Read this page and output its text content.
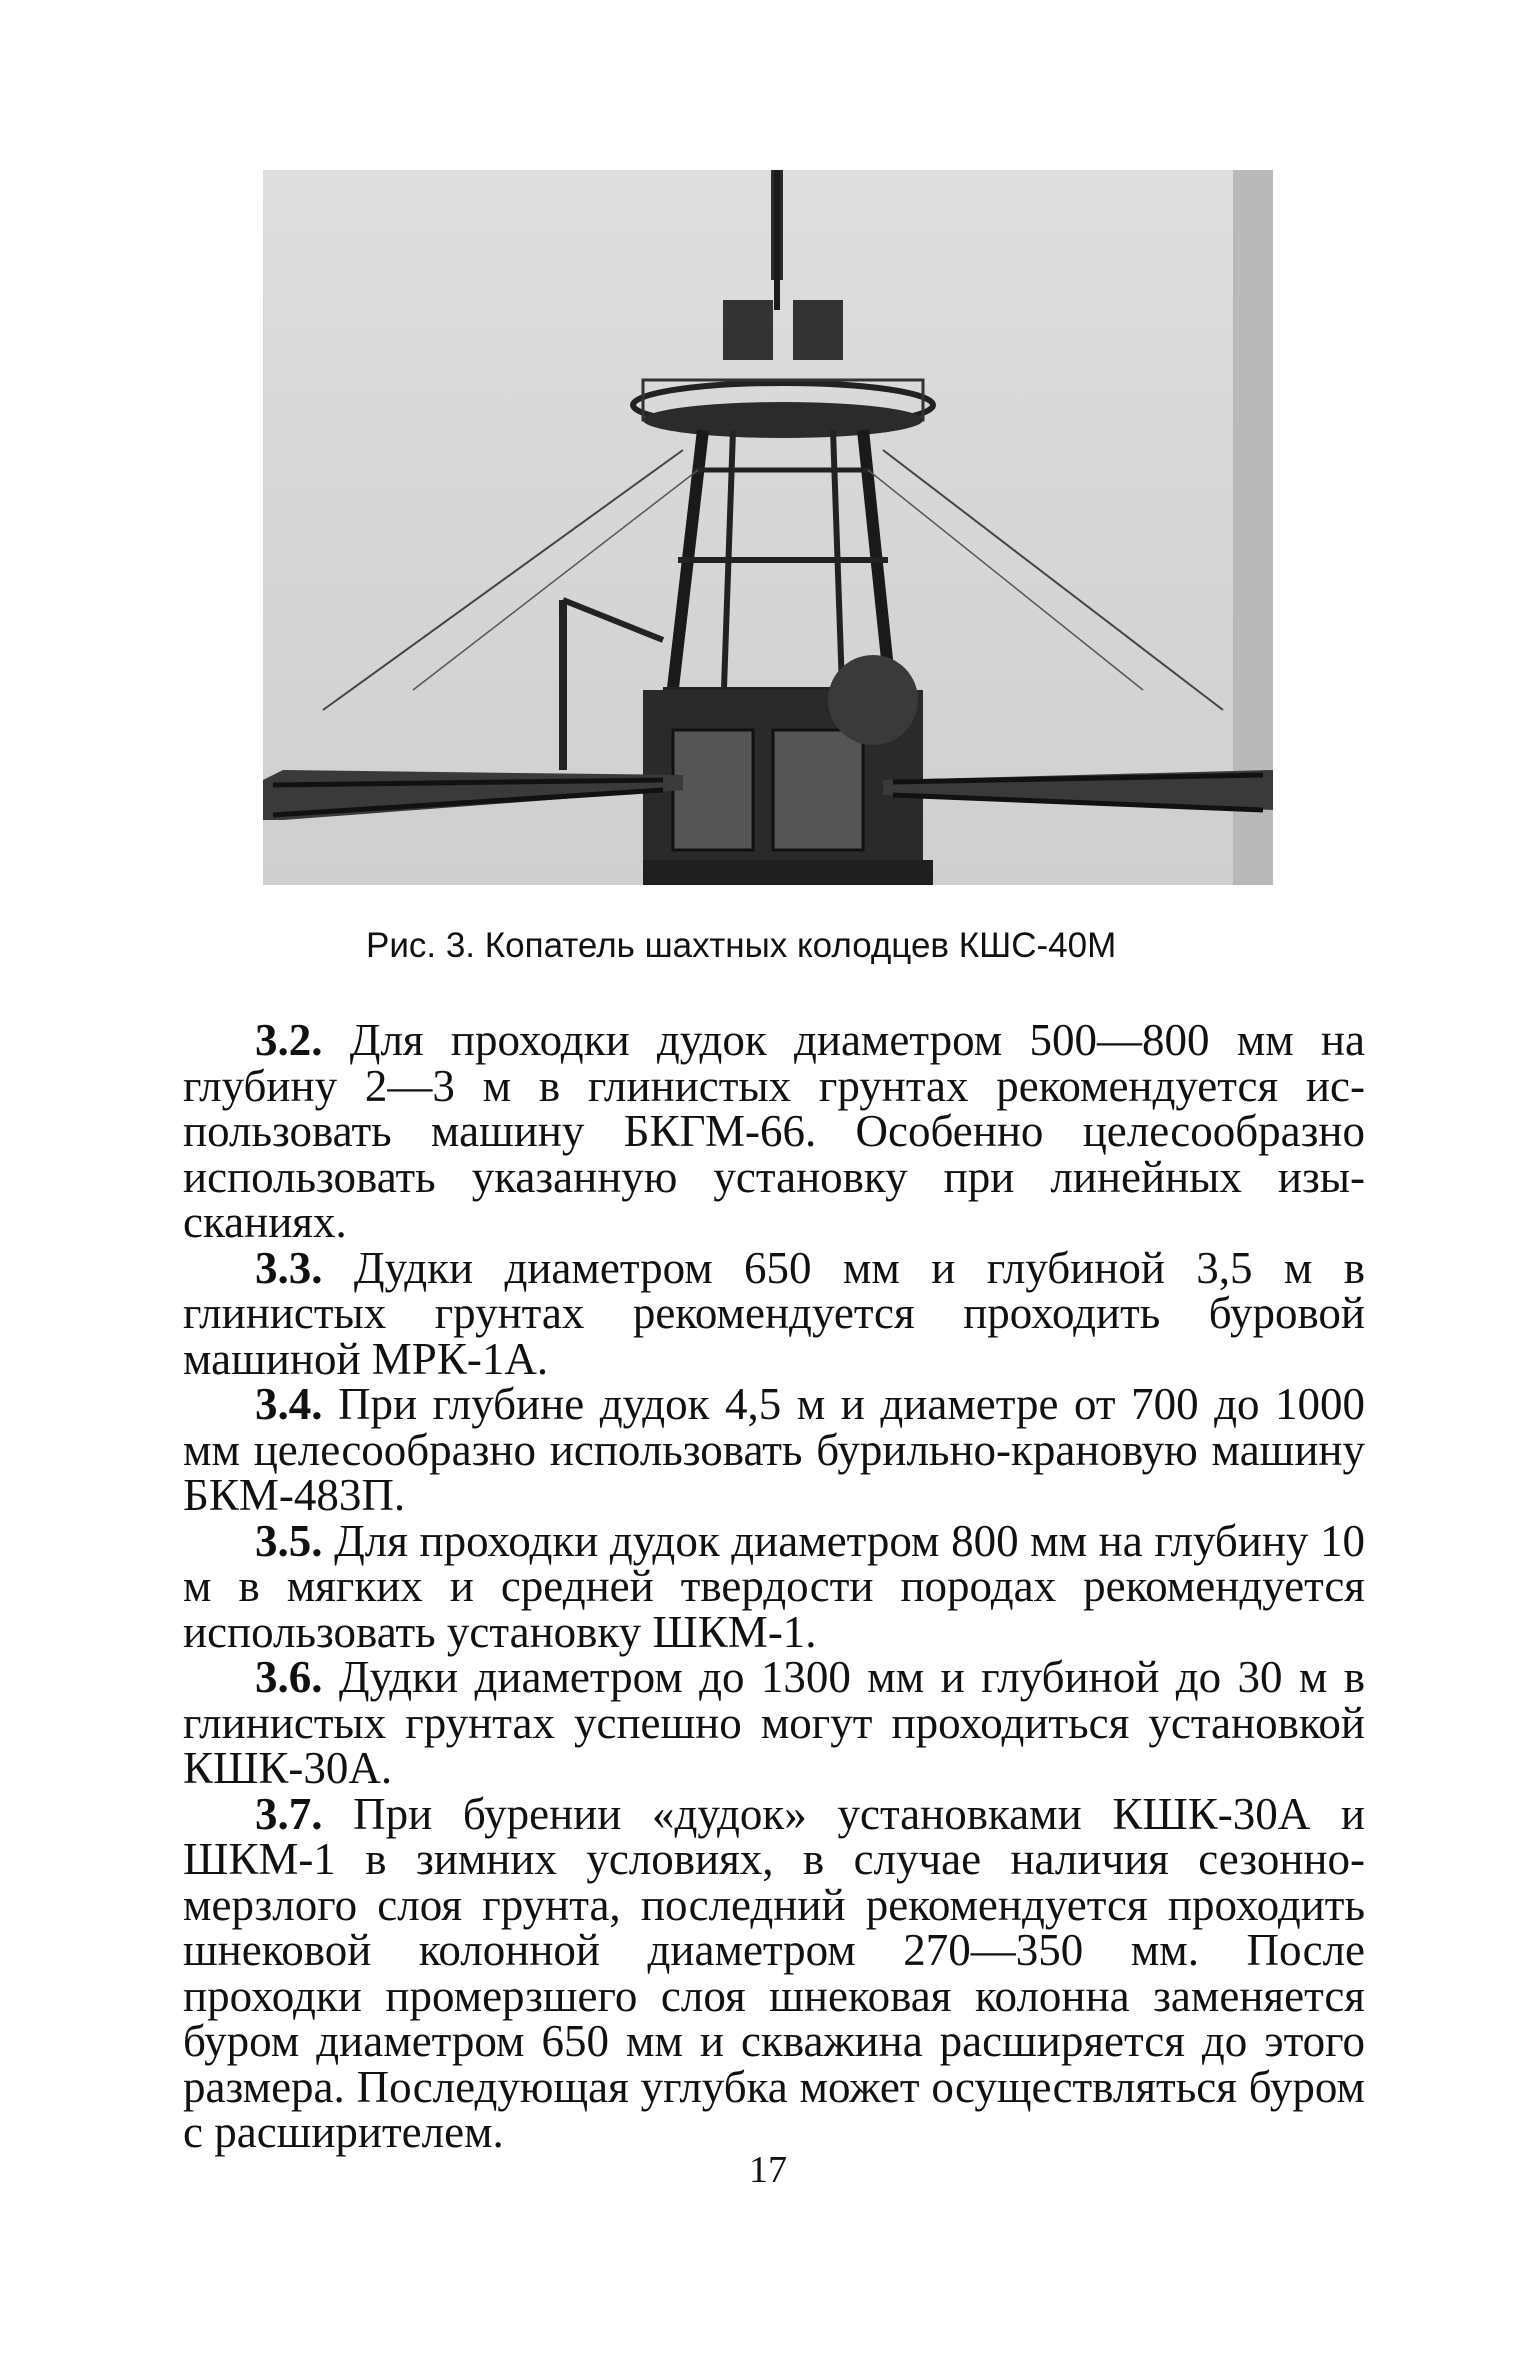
Рис. 3. Копатель шахтных колодцев КШС-40М

3.2. Для проходки дудок диаметром 500—800 мм на глубину 2—3 м в глинистых грунтах рекомендуется использовать машину БКГМ-66. Особенно целесообразно использовать указанную установку при линейных изысканиях.

3.3. Дудки диаметром 650 мм и глубиной 3,5 м в глинистых грунтах рекомендуется проходить буровой машиной МРК-1А.

3.4. При глубине дудок 4,5 м и диаметре от 700 до 1000 мм целесообразно использовать бурильно-крановую машину БКМ-483П.

3.5. Для проходки дудок диаметром 800 мм на глубину 10 м в мягких и средней твердости породах рекомендуется использовать установку ШКМ-1.

3.6. Дудки диаметром до 1300 мм и глубиной до 30 м в глинистых грунтах успешно могут проходиться установкой КШК-30А.

3.7. При бурении «дудок» установками КШК-30А и ШКМ-1 в зимних условиях, в случае наличия сезонномерзлого слоя грунта, последний рекомендуется проходить шнековой колонной диаметром 270—350 мм. После проходки промерзшего слоя шнековая колонна заменяется буром диаметром 650 мм и скважина расширяется до этого размера. Последующая углубка может осуществляться буром с расширителем.

17
